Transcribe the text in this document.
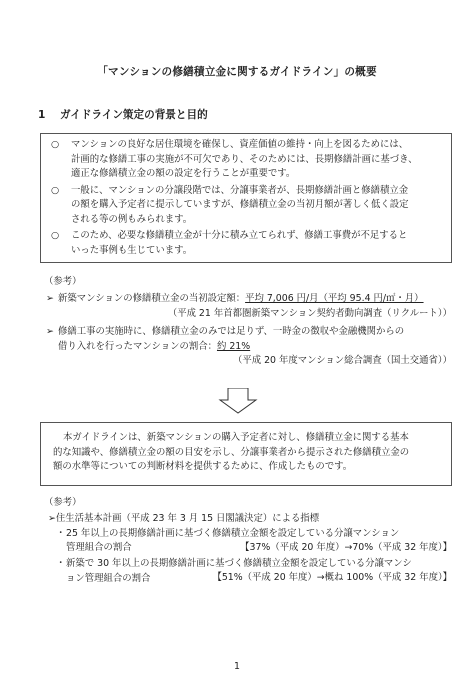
「マンションの修繕積立金に関するガイドライン」の概要
1 ガイドライン策定の背景と目的
○ マンションの良好な居住環境を確保し、資産価値の維持・向上を図るためには、
計画的な修繕工事の実施が不可欠であり、そのためには、長期修繕計画に基づき、
適正な修繕積立金の額の設定を行うことが重要です。
○ 一般に、マンションの分譲段階では、分譲事業者が、長期修繕計画と修繕積立金
の額を購入予定者に提示していますが、修繕積立金の当初月額が著しく低く設定
される等の例もみられます。
○ このため、必要な修繕積立金が十分に積み立てられず、修繕工事費が不足すると
いった事例も生じています。
（参考）
➢ 新築マンションの修繕積立金の当初設定額：平均 7,006 円/月（平均 95.4 円/㎡・月）
（平成 21 年首都圏新築マンション契約者動向調査（リクルート））
➢ 修繕工事の実施時に、修繕積立金のみでは足りず、一時金の徴収や金融機関からの
借り入れを行ったマンションの割合：約 21%
（平成 20 年度マンション総合調査（国土交通省））
本ガイドラインは、新築マンションの購入予定者に対し、修繕積立金に関する基本
的な知識や、修繕積立金の額の目安を示し、分譲事業者から提示された修繕積立金の
額の水準等についての判断材料を提供するために、作成したものです。
（参考）
➢住生活基本計画（平成 23 年 3 月 15 日閣議決定）による指標
・ 25 年以上の長期修繕計画に基づく修繕積立金額を設定している分譲マンション
管理組合の割合	【37%（平成 20 年度）→70%（平成 32 年度）】
・ 新築で 30 年以上の長期修繕計画に基づく修繕積立金額を設定している分譲マンシ
ョン管理組合の割合	【51%（平成 20 年度）→概ね 100%（平成 32 年度）】
1
